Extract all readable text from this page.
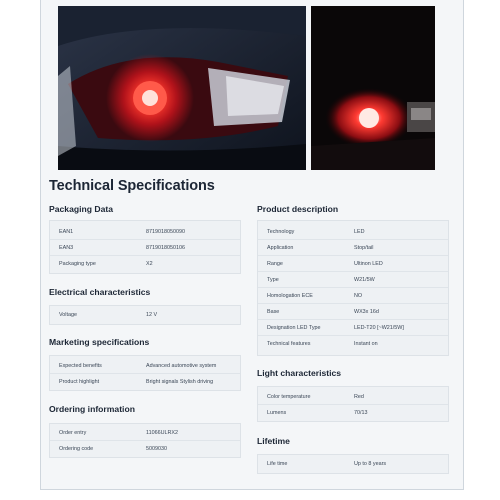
Technical Specifications
Packaging Data
EAN1	8719018050090
EAN3	8719018050106
Packaging type	X2
Electrical characteristics
Voltage	12 V
Marketing specifications
Expected benefits	Advanced automotive system
Product highlight	Bright signals Stylish driving
Ordering information
Order entry	11066ULRX2
Ordering code	5009030
Product description
Technology	LED
Application	Stop/tail
Range	Ultinon LED
Type	W21/5W
Homologation ECE	NO
Base	WX3x 16d
Designation LED Type	LED-T20 [~W21/5W]
Technical features	Instant on
Light characteristics
Color temperature	Red
Lumens	70/13
Lifetime
Life time	Up to 8 years
